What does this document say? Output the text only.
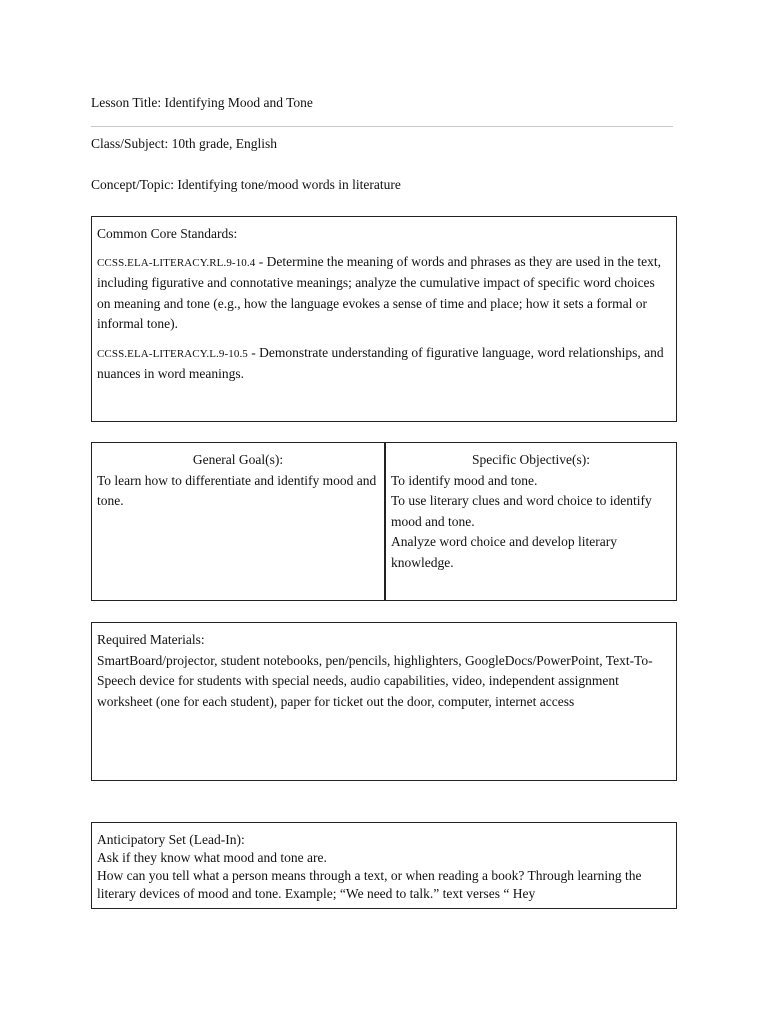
Lesson Title: Identifying Mood and Tone
Class/Subject: 10th grade, English
Concept/Topic: Identifying tone/mood words in literature

Common Core Standards:

CCSS.ELA-LITERACY.RL.9-10.4 - Determine the meaning of words and phrases as they are used in the text, including figurative and connotative meanings; analyze the cumulative impact of specific word choices on meaning and tone (e.g., how the language evokes a sense of time and place; how it sets a formal or informal tone).

CCSS.ELA-LITERACY.L.9-10.5 - Demonstrate understanding of figurative language, word relationships, and nuances in word meanings.

General Goal(s):

To learn how to differentiate and identify mood and tone.

Specific Objective(s):

To identify mood and tone.

To use literary clues and word choice to identify mood and tone.

Analyze word choice and develop literary knowledge.

Required Materials:

SmartBoard/projector, student notebooks, pen/pencils, highlighters, GoogleDocs/PowerPoint, Text-To-Speech device for students with special needs, audio capabilities, video, independent assignment worksheet (one for each student), paper for ticket out the door, computer, internet access

Anticipatory Set (Lead-In):

Ask if they know what mood and tone are.

How can you tell what a person means through a text, or when reading a book? Through learning the literary devices of mood and tone. Example; “We need to talk.” text verses “ Hey
